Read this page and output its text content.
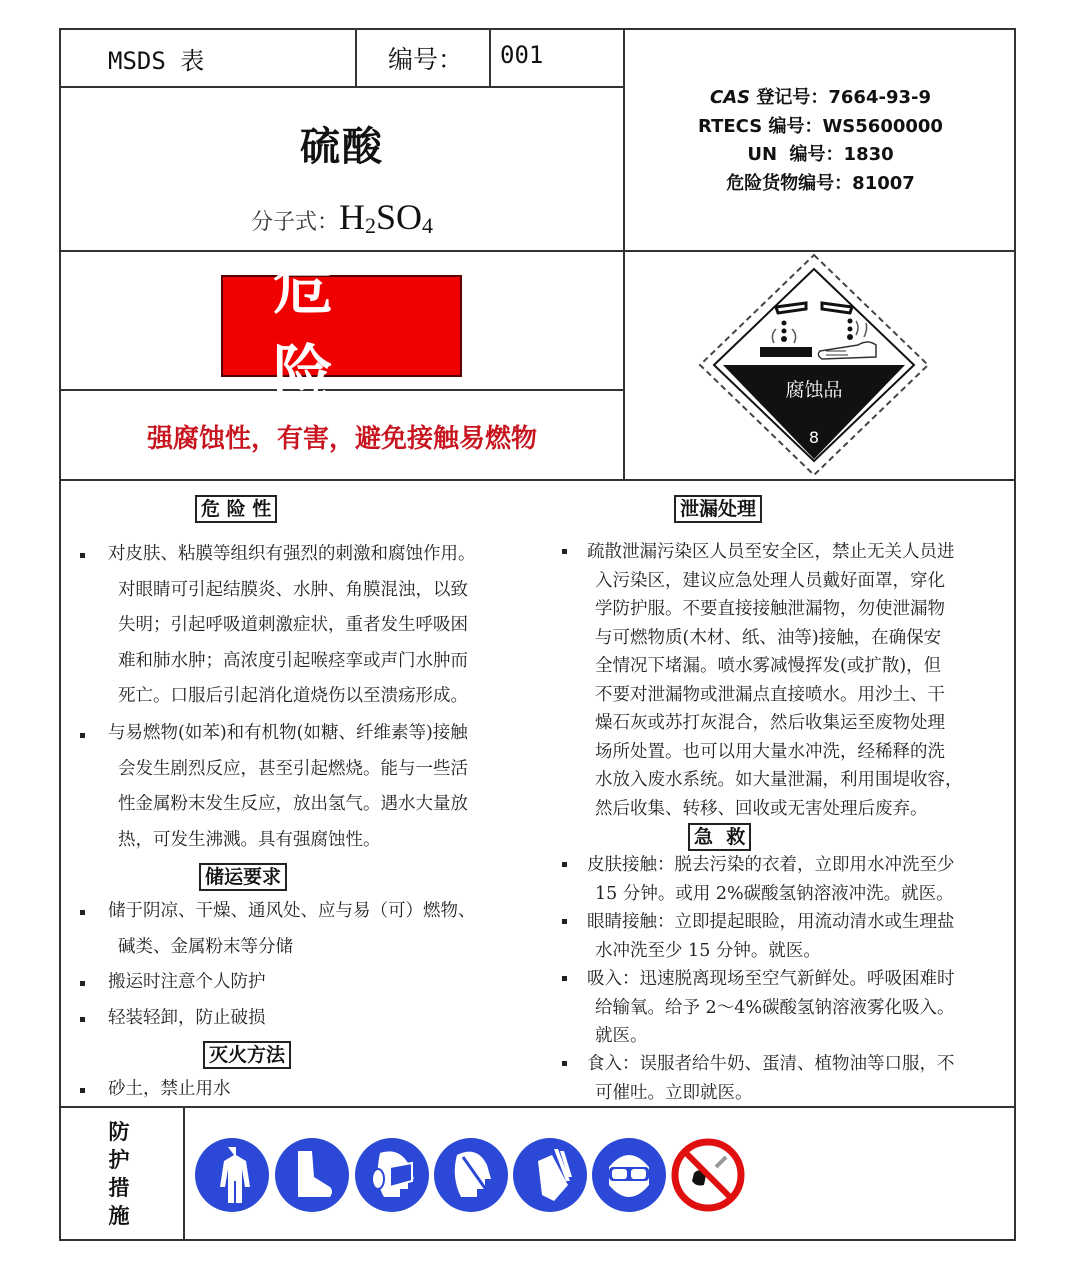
MSDS 表	编号： 001
硫酸
分子式：$H_2SO_4$
CAS 登记号：7664-93-9
RTECS 编号：WS5600000
UN  编号：1830
危险货物编号：81007
危险
强腐蚀性，有害，避免接触易燃物
腐蚀品
8
危 险 性
储运要求
灭火方法
泄漏处理
急  救
对皮肤、粘膜等组织有强烈的刺激和腐蚀作用。
对眼睛可引起结膜炎、水肿、角膜混浊，以致
失明；引起呼吸道刺激症状，重者发生呼吸困
难和肺水肿；高浓度引起喉痉挛或声门水肿而
死亡。口服后引起消化道烧伤以至溃疡形成。
与易燃物(如苯)和有机物(如糖、纤维素等)接触
会发生剧烈反应，甚至引起燃烧。能与一些活
性金属粉末发生反应，放出氢气。遇水大量放
热，可发生沸溅。具有强腐蚀性。
储于阴凉、干燥、通风处、应与易（可）燃物、
碱类、金属粉末等分储
搬运时注意个人防护
轻装轻卸，防止破损
砂土，禁止用水
疏散泄漏污染区人员至安全区，禁止无关人员进
入污染区，建议应急处理人员戴好面罩，穿化
学防护服。不要直接接触泄漏物，勿使泄漏物
与可燃物质(木材、纸、油等)接触，在确保安
全情况下堵漏。喷水雾减慢挥发(或扩散)，但
不要对泄漏物或泄漏点直接喷水。用沙土、干
燥石灰或苏打灰混合，然后收集运至废物处理
场所处置。也可以用大量水冲洗，经稀释的洗
水放入废水系统。如大量泄漏，利用围堤收容，
然后收集、转移、回收或无害处理后废弃。
皮肤接触：脱去污染的衣着，立即用水冲洗至少
15 分钟。或用 2%碳酸氢钠溶液冲洗。就医。
眼睛接触：立即提起眼睑，用流动清水或生理盐
水冲洗至少 15 分钟。就医。
吸入：迅速脱离现场至空气新鲜处。呼吸困难时
给输氧。给予 2～4%碳酸氢钠溶液雾化吸入。
就医。
食入：误服者给牛奶、蛋清、植物油等口服，不
可催吐。立即就医。
防
护
措
施
